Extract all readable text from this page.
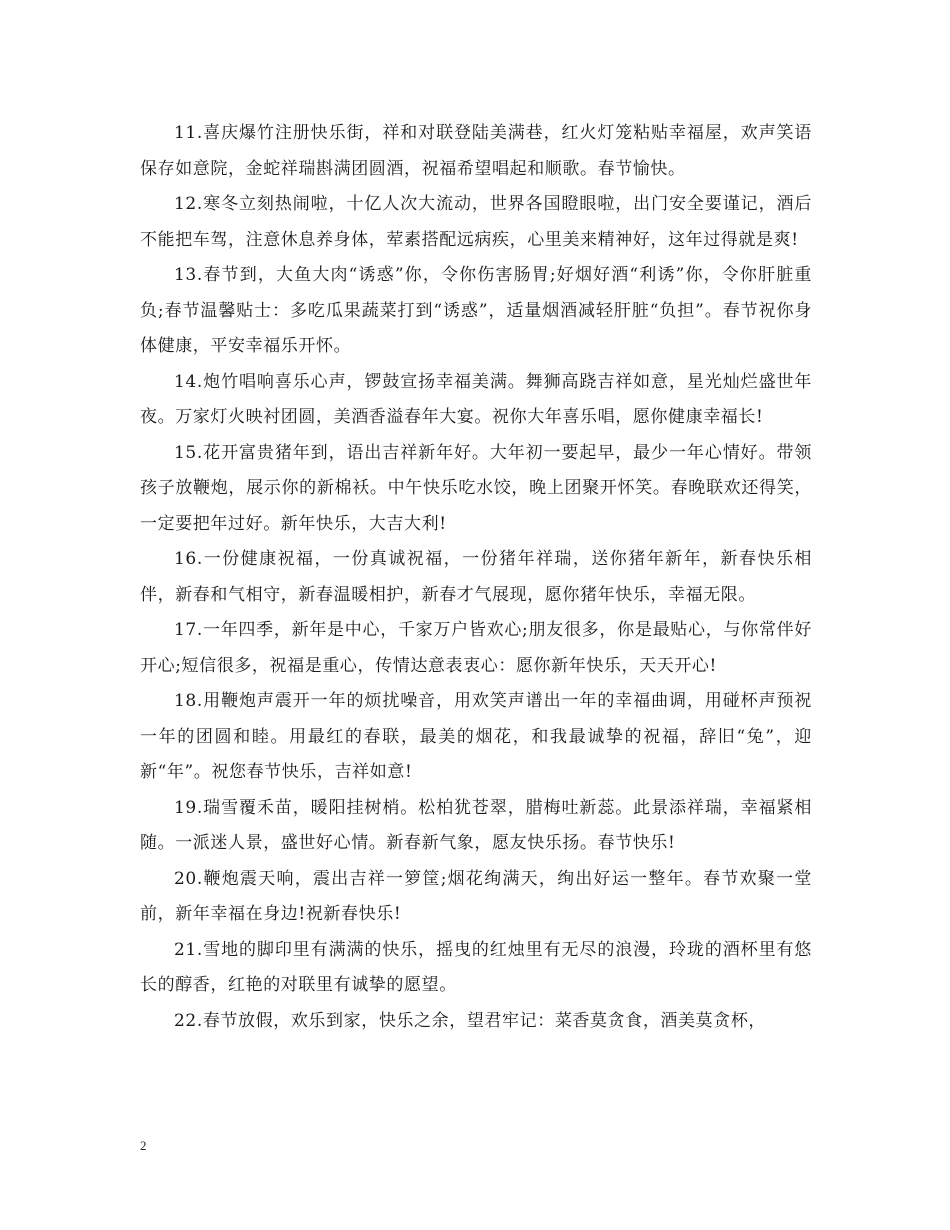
11.喜庆爆竹注册快乐街，祥和对联登陆美满巷，红火灯笼粘贴幸福屋，欢声笑语保存如意院，金蛇祥瑞斟满团圆酒，祝福希望唱起和顺歌。春节愉快。

12.寒冬立刻热闹啦，十亿人次大流动，世界各国瞪眼啦，出门安全要谨记，酒后不能把车驾，注意休息养身体，荤素搭配远病疾，心里美来精神好，这年过得就是爽!

13.春节到，大鱼大肉“诱惑”你，令你伤害肠胃;好烟好酒“利诱”你，令你肝脏重负;春节温馨贴士：多吃瓜果蔬菜打到“诱惑”，适量烟酒减轻肝脏“负担”。春节祝你身体健康，平安幸福乐开怀。

14.炮竹唱响喜乐心声，锣鼓宣扬幸福美满。舞狮高跷吉祥如意，星光灿烂盛世年夜。万家灯火映衬团圆，美酒香溢春年大宴。祝你大年喜乐唱，愿你健康幸福长!

15.花开富贵猪年到，语出吉祥新年好。大年初一要起早，最少一年心情好。带领孩子放鞭炮，展示你的新棉袄。中午快乐吃水饺，晚上团聚开怀笑。春晚联欢还得笑，一定要把年过好。新年快乐，大吉大利!

16.一份健康祝福，一份真诚祝福，一份猪年祥瑞，送你猪年新年，新春快乐相伴，新春和气相守，新春温暖相护，新春才气展现，愿你猪年快乐，幸福无限。

17.一年四季，新年是中心，千家万户皆欢心;朋友很多，你是最贴心，与你常伴好开心;短信很多，祝福是重心，传情达意表衷心：愿你新年快乐，天天开心!

18.用鞭炮声震开一年的烦扰噪音，用欢笑声谱出一年的幸福曲调，用碰杯声预祝一年的团圆和睦。用最红的春联，最美的烟花，和我最诚挚的祝福，辞旧“兔”，迎新“年”。祝您春节快乐，吉祥如意!

19.瑞雪覆禾苗，暖阳挂树梢。松柏犹苍翠，腊梅吐新蕊。此景添祥瑞，幸福紧相随。一派迷人景，盛世好心情。新春新气象，愿友快乐扬。春节快乐!

20.鞭炮震天响，震出吉祥一箩筐;烟花绚满天，绚出好运一整年。春节欢聚一堂前，新年幸福在身边!祝新春快乐!

21.雪地的脚印里有满满的快乐，摇曳的红烛里有无尽的浪漫，玲珑的酒杯里有悠长的醇香，红艳的对联里有诚挚的愿望。

22.春节放假，欢乐到家，快乐之余，望君牢记：菜香莫贪食，酒美莫贪杯，

2
